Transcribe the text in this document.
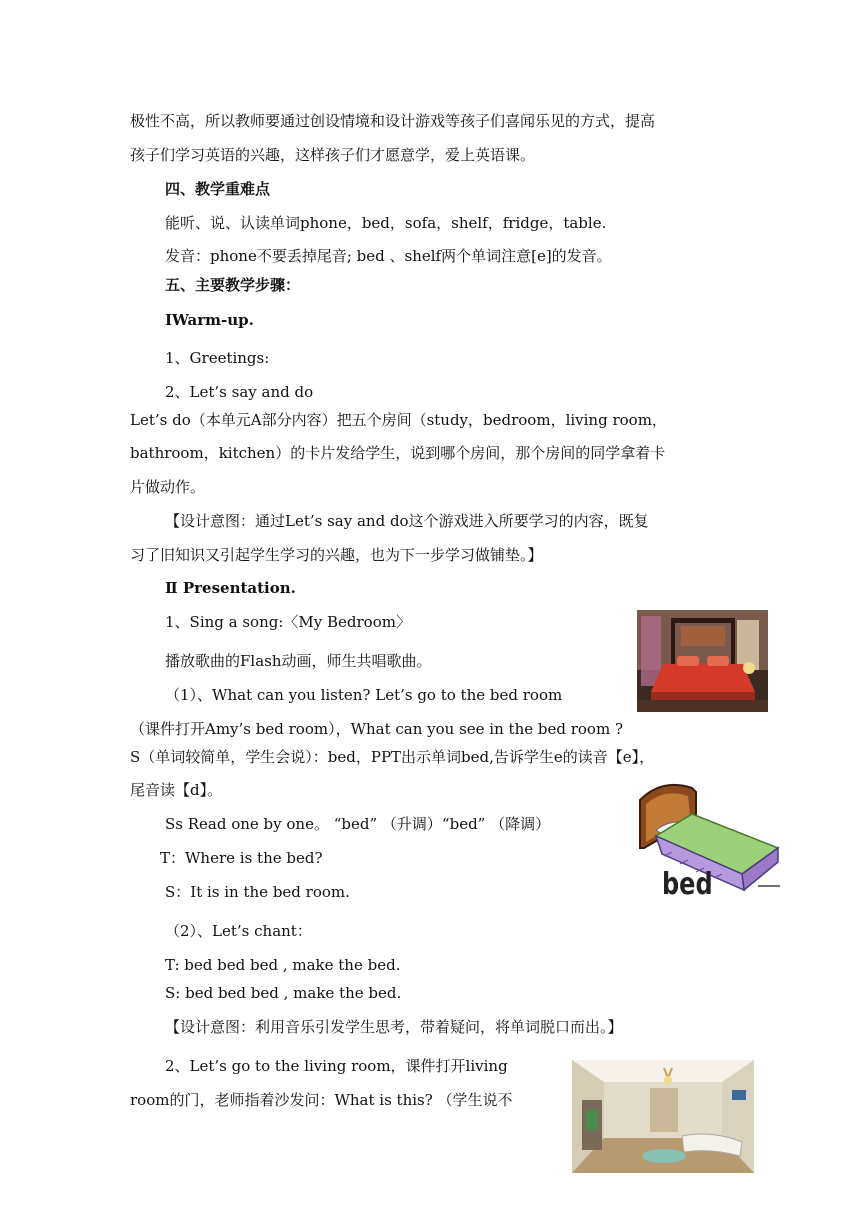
极性不高，所以教师要通过创设情境和设计游戏等孩子们喜闻乐见的方式，提高
孩子们学习英语的兴趣，这样孩子们才愿意学，爱上英语课。
四、教学重难点
能听、说、认读单词phone，bed，sofa，shelf，fridge，table.
发音：phone不要丢掉尾音; bed 、shelf两个单词注意[e]的发音。
五、主要教学步骤：
ⅠWarm-up.
1、Greetings:
2、Let’s say and do
Let’s do（本单元A部分内容）把五个房间（study，bedroom，living room，
bathroom，kitchen）的卡片发给学生，说到哪个房间，那个房间的同学拿着卡
片做动作。
【设计意图：通过Let’s say and do这个游戏进入所要学习的内容，既复
习了旧知识又引起学生学习的兴趣，也为下一步学习做铺垫。】
Ⅱ Presentation.
1、Sing a song:〈My Bedroom〉
播放歌曲的Flash动画，师生共唱歌曲。
（1）、What can you listen? Let’s go to the bed room
（课件打开Amy’s bed room），What can you see in the bed room ?
S（单词较简单，学生会说）：bed，PPT出示单词bed,告诉学生e的读音【e】，
尾音读【d】。
Ss Read one by one。 “bed” （升调）“bed” （降调）
T：Where is the bed?
S：It is in the bed room.
（2）、Let’s chant：
T: bed bed bed , make the bed.
S: bed bed bed , make the bed.
【设计意图：利用音乐引发学生思考，带着疑问，将单词脱口而出。】
2、Let’s go to the living room，课件打开living
room的门，老师指着沙发问：What is this? （学生说不
bed
